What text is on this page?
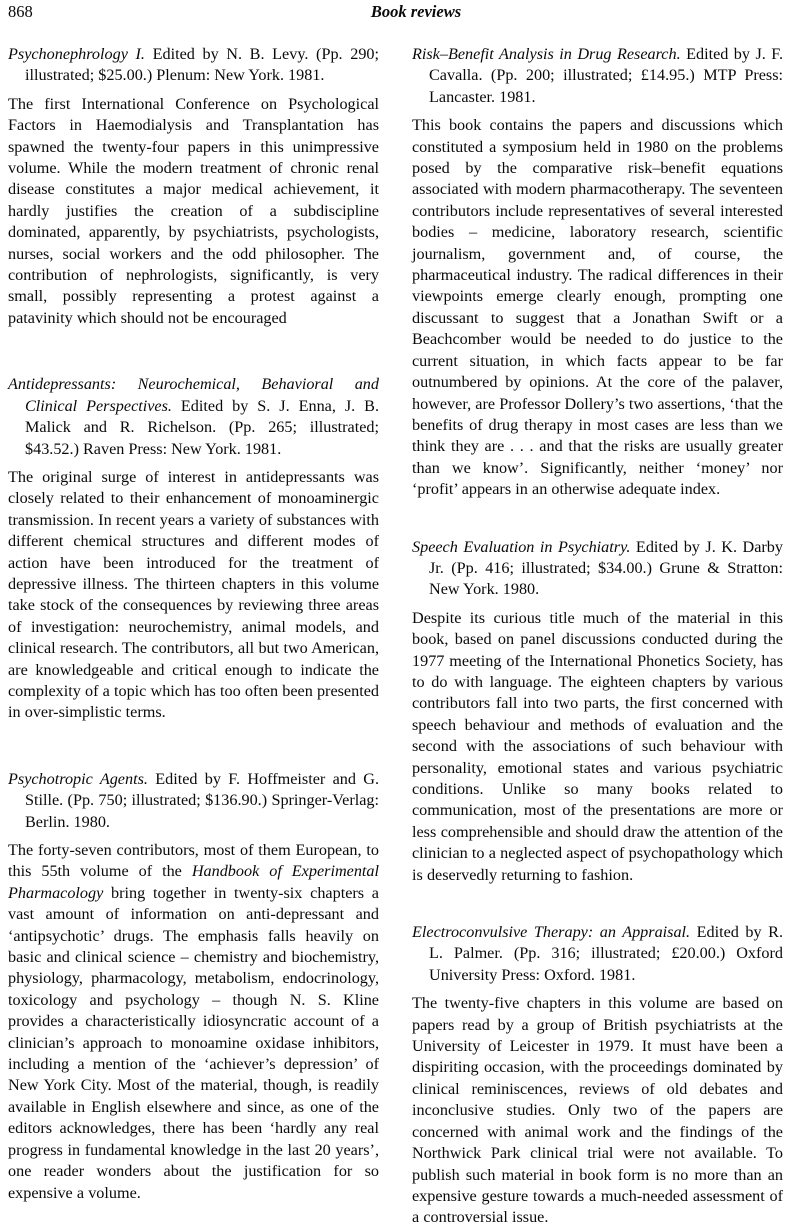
868	Book reviews

Psychonephrology I. Edited by N. B. Levy. (Pp. 290; illustrated; $25.00.) Plenum: New York. 1981.

The first International Conference on Psychological Factors in Haemodialysis and Transplantation has spawned the twenty-four papers in this unimpressive volume. While the modern treatment of chronic renal disease constitutes a major medical achievement, it hardly justifies the creation of a subdiscipline dominated, apparently, by psychiatrists, psychologists, nurses, social workers and the odd philosopher. The contribution of nephrologists, significantly, is very small, possibly representing a protest against a patavinity which should not be encouraged

Antidepressants: Neurochemical, Behavioral and Clinical Perspectives. Edited by S. J. Enna, J. B. Malick and R. Richelson. (Pp. 265; illustrated; $43.52.) Raven Press: New York. 1981.

The original surge of interest in antidepressants was closely related to their enhancement of monoaminergic transmission. In recent years a variety of substances with different chemical structures and different modes of action have been introduced for the treatment of depressive illness. The thirteen chapters in this volume take stock of the consequences by reviewing three areas of investigation: neurochemistry, animal models, and clinical research. The contributors, all but two American, are knowledgeable and critical enough to indicate the complexity of a topic which has too often been presented in over-simplistic terms.

Psychotropic Agents. Edited by F. Hoffmeister and G. Stille. (Pp. 750; illustrated; $136.90.) Springer-Verlag: Berlin. 1980.

The forty-seven contributors, most of them European, to this 55th volume of the Handbook of Experimental Pharmacology bring together in twenty-six chapters a vast amount of information on anti-depressant and ‘antipsychotic’ drugs. The emphasis falls heavily on basic and clinical science – chemistry and biochemistry, physiology, pharmacology, metabolism, endocrinology, toxicology and psychology – though N. S. Kline provides a characteristically idiosyncratic account of a clinician’s approach to monoamine oxidase inhibitors, including a mention of the ‘achiever’s depression’ of New York City. Most of the material, though, is readily available in English elsewhere and since, as one of the editors acknowledges, there has been ‘hardly any real progress in fundamental knowledge in the last 20 years’, one reader wonders about the justification for so expensive a volume.

Risk–Benefit Analysis in Drug Research. Edited by J. F. Cavalla. (Pp. 200; illustrated; £14.95.) MTP Press: Lancaster. 1981.

This book contains the papers and discussions which constituted a symposium held in 1980 on the problems posed by the comparative risk–benefit equations associated with modern pharmacotherapy. The seventeen contributors include representatives of several interested bodies – medicine, laboratory research, scientific journalism, government and, of course, the pharmaceutical industry. The radical differences in their viewpoints emerge clearly enough, prompting one discussant to suggest that a Jonathan Swift or a Beachcomber would be needed to do justice to the current situation, in which facts appear to be far outnumbered by opinions. At the core of the palaver, however, are Professor Dollery’s two assertions, ‘that the benefits of drug therapy in most cases are less than we think they are . . . and that the risks are usually greater than we know’. Significantly, neither ‘money’ nor ‘profit’ appears in an otherwise adequate index.

Speech Evaluation in Psychiatry. Edited by J. K. Darby Jr. (Pp. 416; illustrated; $34.00.) Grune & Stratton: New York. 1980.

Despite its curious title much of the material in this book, based on panel discussions conducted during the 1977 meeting of the International Phonetics Society, has to do with language. The eighteen chapters by various contributors fall into two parts, the first concerned with speech behaviour and methods of evaluation and the second with the associations of such behaviour with personality, emotional states and various psychiatric conditions. Unlike so many books related to communication, most of the presentations are more or less comprehensible and should draw the attention of the clinician to a neglected aspect of psychopathology which is deservedly returning to fashion.

Electroconvulsive Therapy: an Appraisal. Edited by R. L. Palmer. (Pp. 316; illustrated; £20.00.) Oxford University Press: Oxford. 1981.

The twenty-five chapters in this volume are based on papers read by a group of British psychiatrists at the University of Leicester in 1979. It must have been a dispiriting occasion, with the proceedings dominated by clinical reminiscences, reviews of old debates and inconclusive studies. Only two of the papers are concerned with animal work and the findings of the Northwick Park clinical trial were not available. To publish such material in book form is no more than an expensive gesture towards a much-needed assessment of a controversial issue.
